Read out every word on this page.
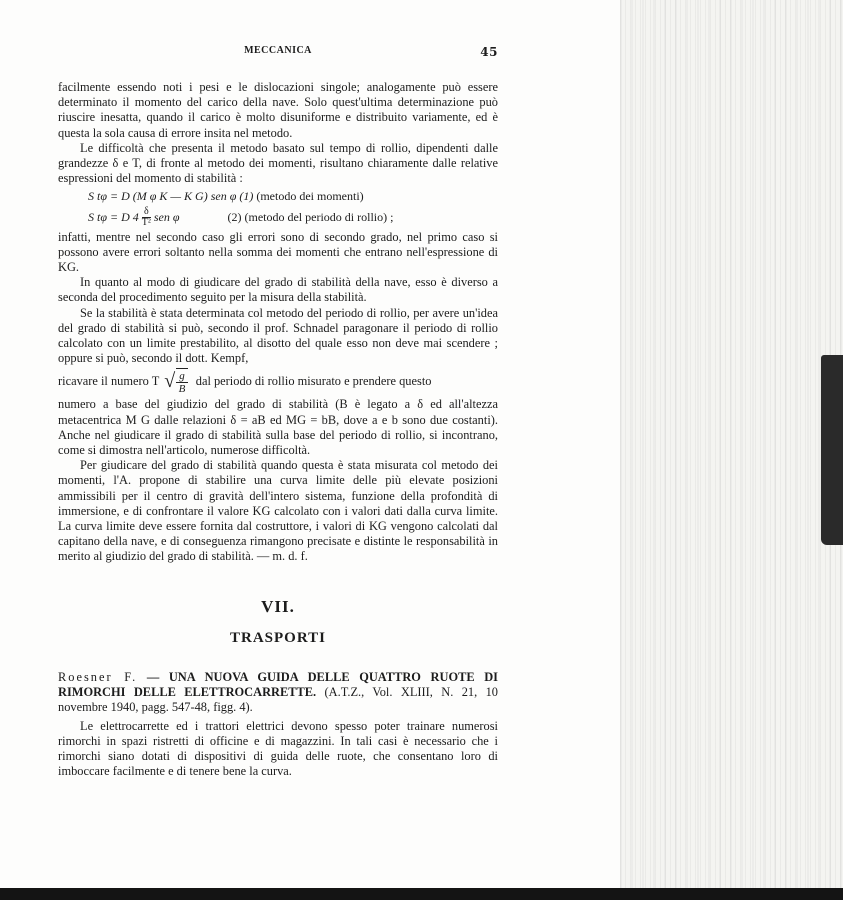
MECCANICA	45

facilmente essendo noti i pesi e le dislocazioni singole; analogamente può essere determinato il momento del carico della nave. Solo quest'ultima determinazione può riuscire inesatta, quando il carico è molto disuniforme e distribuito variamente, ed è questa la sola causa di errore insita nel metodo.

Le difficoltà che presenta il metodo basato sul tempo di rollio, dipendenti dalle grandezze δ e T, di fronte al metodo dei momenti, risultano chiaramente dalle relative espressioni del momento di stabilità :

S tφ = D (M φ K — K G) sen φ (1) (metodo dei momenti)
S tφ = D $4 \frac{\delta}{\text{T²}}$ sen φ	(2) (metodo del periodo di rollio) ;

infatti, mentre nel secondo caso gli errori sono di secondo grado, nel primo caso si possono avere errori soltanto nella somma dei momenti che entrano nell'espressione di KG.

In quanto al modo di giudicare del grado di stabilità della nave, esso è diverso a seconda del procedimento seguito per la misura della stabilità.

Se la stabilità è stata determinata col metodo del periodo di rollio, per avere un'idea del grado di stabilità si può, secondo il prof. Schnadel paragonare il periodo di rollio calcolato con un limite prestabilito, al disotto del quale esso non deve mai scendere ; oppure si può, secondo il dott. Kempf,

ricavare il numero T √ $\frac{g}{B}$ dal periodo di rollio misurato e prendere questo

numero a base del giudizio del grado di stabilità (B è legato a δ ed all'altezza metacentrica M G dalle relazioni δ = aB ed MG = bB, dove a e b sono due costanti). Anche nel giudicare il grado di stabilità sulla base del periodo di rollio, si incontrano, come si dimostra nell'articolo, numerose difficoltà.

Per giudicare del grado di stabilità quando questa è stata misurata col metodo dei momenti, l'A. propone di stabilire una curva limite delle più elevate posizioni ammissibili per il centro di gravità dell'intero sistema, funzione della profondità di immersione, e di confrontare il valore KG calcolato con i valori dati dalla curva limite. La curva limite deve essere fornita dal costruttore, i valori di KG vengono calcolati dal capitano della nave, e di conseguenza rimangono precisate e distinte le responsabilità in merito al giudizio del grado di stabilità. — m. d. f.

VII.
TRASPORTI

Roesner F. — UNA NUOVA GUIDA DELLE QUATTRO RUOTE DI RIMORCHI DELLE ELETTROCARRETTE. (A.T.Z., Vol. XLIII, N. 21, 10 novembre 1940, pagg. 547-48, figg. 4).

Le elettrocarrette ed i trattori elettrici devono spesso poter trainare numerosi rimorchi in spazi ristretti di officine e di magazzini. In tali casi è necessario che i rimorchi siano dotati di dispositivi di guida delle ruote, che consentano loro di imboccare facilmente e di tenere bene la curva.
